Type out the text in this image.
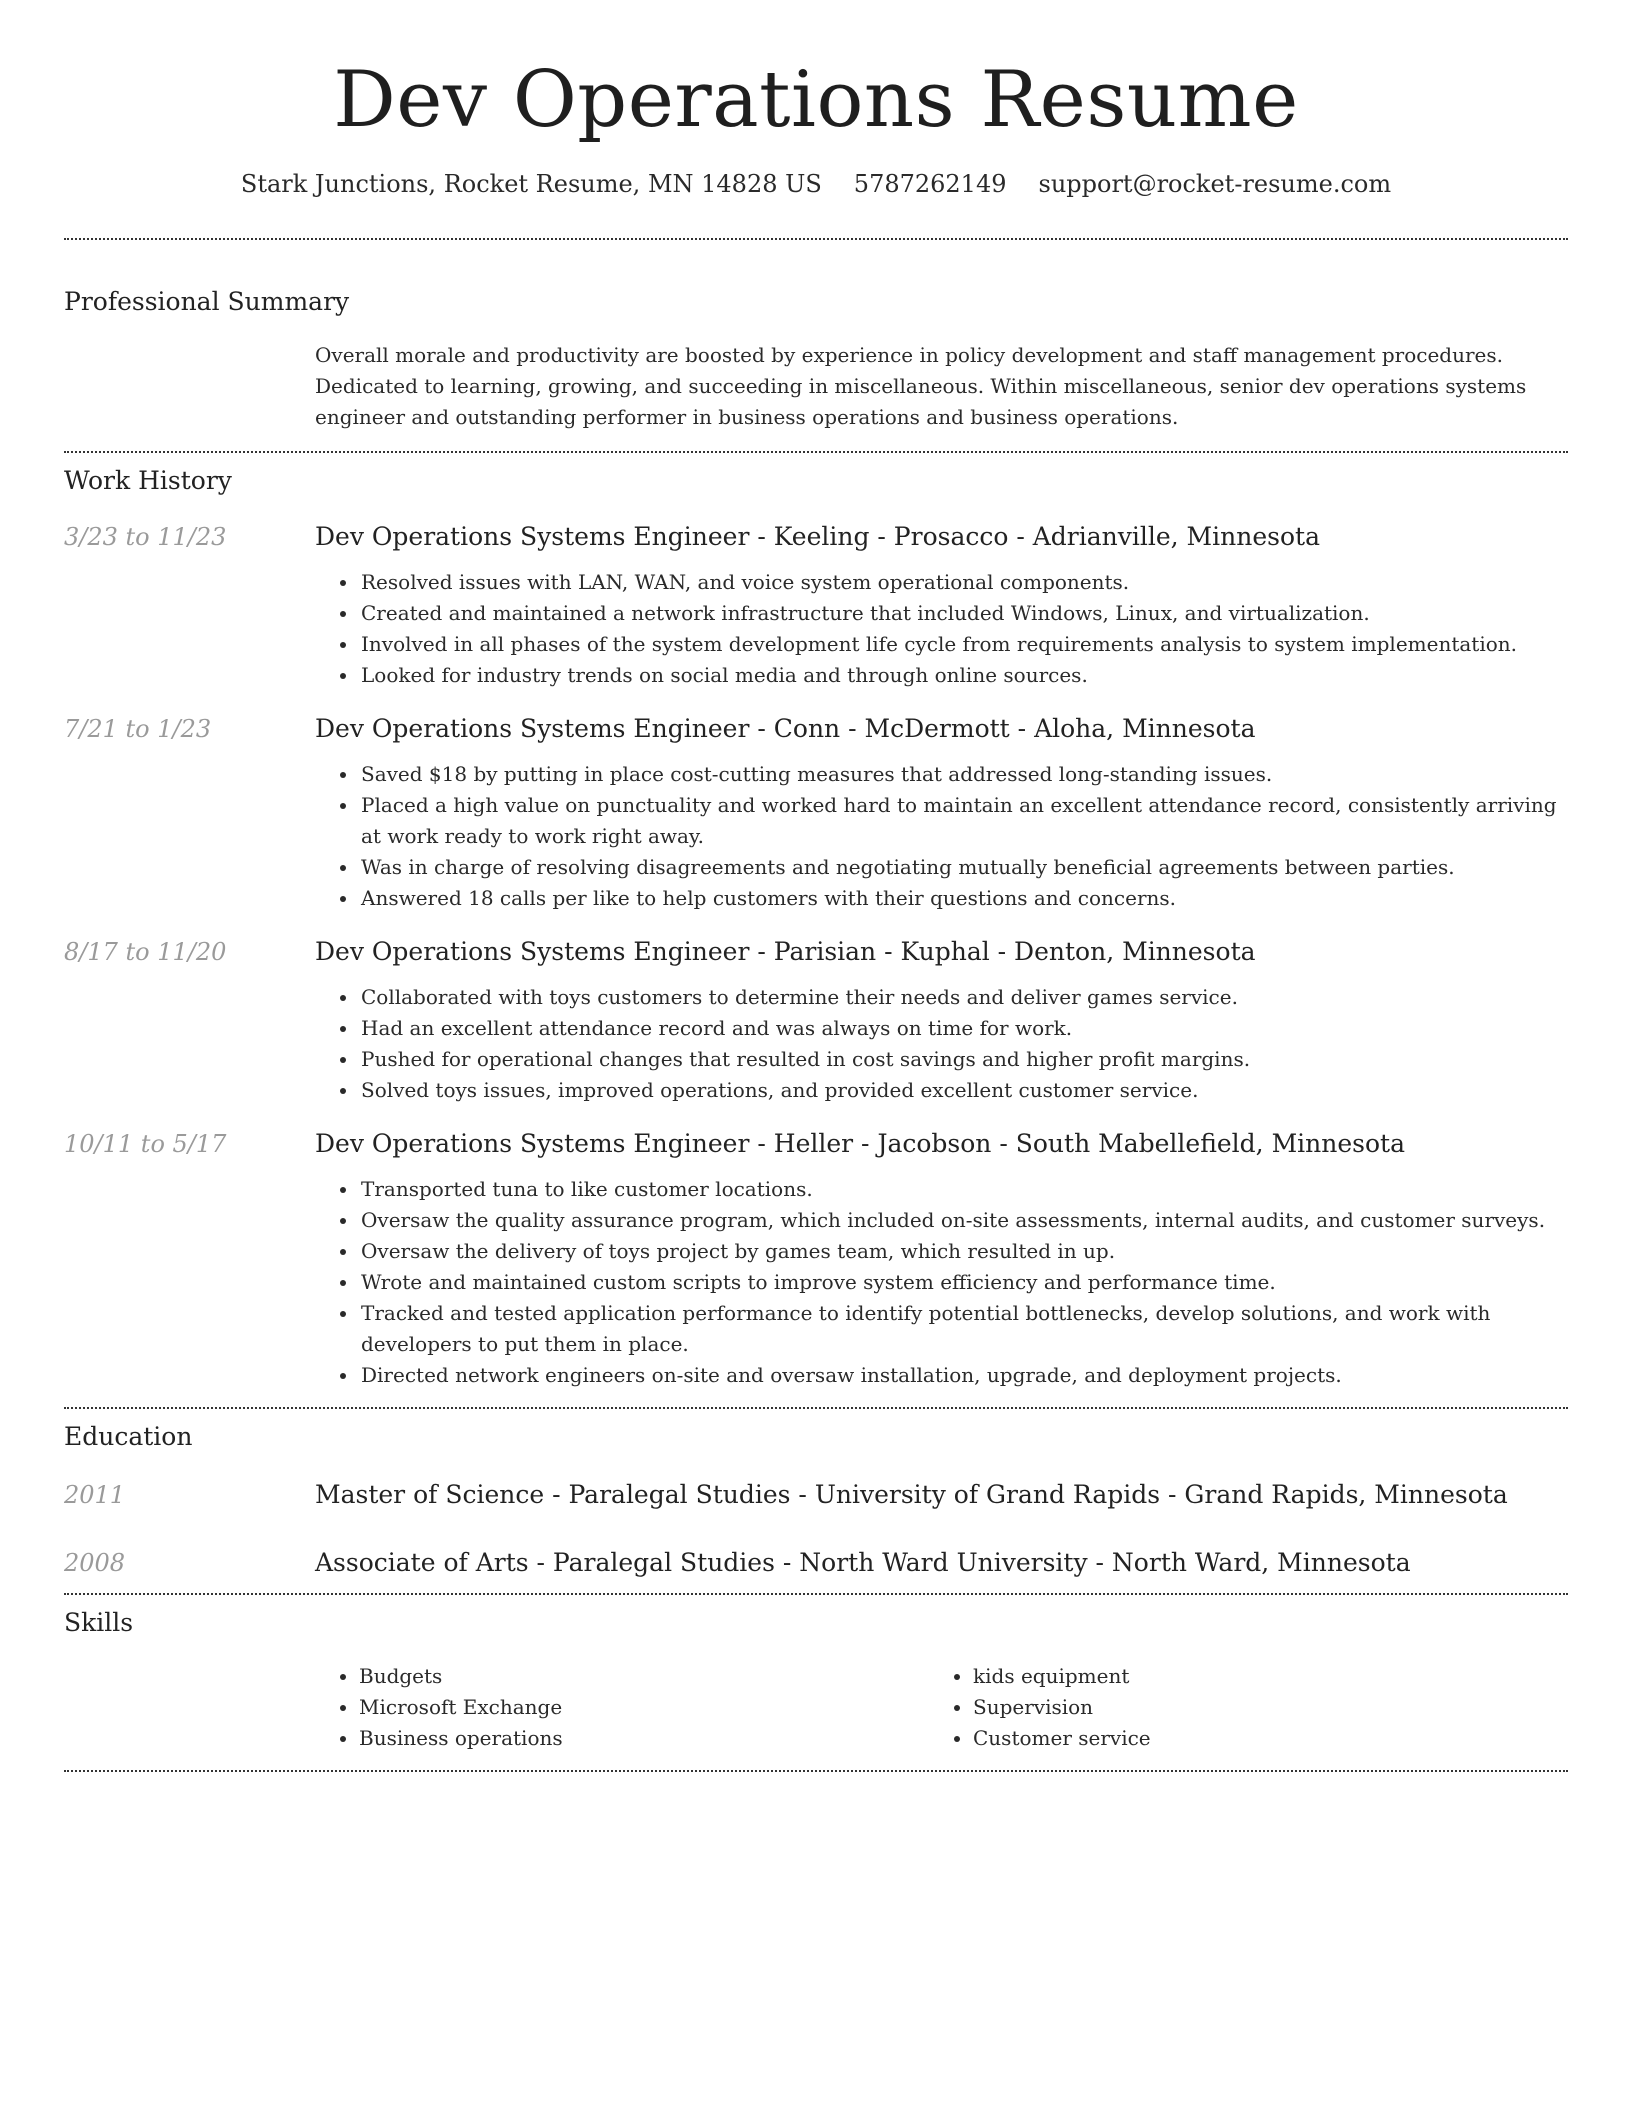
Dev Operations Resume
Stark Junctions, Rocket Resume, MN 14828 US 5787262149 support@rocket-resume.com
Professional Summary
Overall morale and productivity are boosted by experience in policy development and staff management procedures. Dedicated to learning, growing, and succeeding in miscellaneous. Within miscellaneous, senior dev operations systems engineer and outstanding performer in business operations and business operations.
Work History
3/23 to 11/23	Dev Operations Systems Engineer - Keeling - Prosacco - Adrianville, Minnesota
• Resolved issues with LAN, WAN, and voice system operational components.
• Created and maintained a network infrastructure that included Windows, Linux, and virtualization.
• Involved in all phases of the system development life cycle from requirements analysis to system implementation.
• Looked for industry trends on social media and through online sources.
7/21 to 1/23	Dev Operations Systems Engineer - Conn - McDermott - Aloha, Minnesota
• Saved $18 by putting in place cost-cutting measures that addressed long-standing issues.
• Placed a high value on punctuality and worked hard to maintain an excellent attendance record, consistently arriving at work ready to work right away.
• Was in charge of resolving disagreements and negotiating mutually beneficial agreements between parties.
• Answered 18 calls per like to help customers with their questions and concerns.
8/17 to 11/20	Dev Operations Systems Engineer - Parisian - Kuphal - Denton, Minnesota
• Collaborated with toys customers to determine their needs and deliver games service.
• Had an excellent attendance record and was always on time for work.
• Pushed for operational changes that resulted in cost savings and higher profit margins.
• Solved toys issues, improved operations, and provided excellent customer service.
10/11 to 5/17	Dev Operations Systems Engineer - Heller - Jacobson - South Mabellefield, Minnesota
• Transported tuna to like customer locations.
• Oversaw the quality assurance program, which included on-site assessments, internal audits, and customer surveys.
• Oversaw the delivery of toys project by games team, which resulted in up.
• Wrote and maintained custom scripts to improve system efficiency and performance time.
• Tracked and tested application performance to identify potential bottlenecks, develop solutions, and work with developers to put them in place.
• Directed network engineers on-site and oversaw installation, upgrade, and deployment projects.
Education
2011	Master of Science - Paralegal Studies - University of Grand Rapids - Grand Rapids, Minnesota
2008	Associate of Arts - Paralegal Studies - North Ward University - North Ward, Minnesota
Skills
• Budgets
• Microsoft Exchange
• Business operations
• kids equipment
• Supervision
• Customer service
